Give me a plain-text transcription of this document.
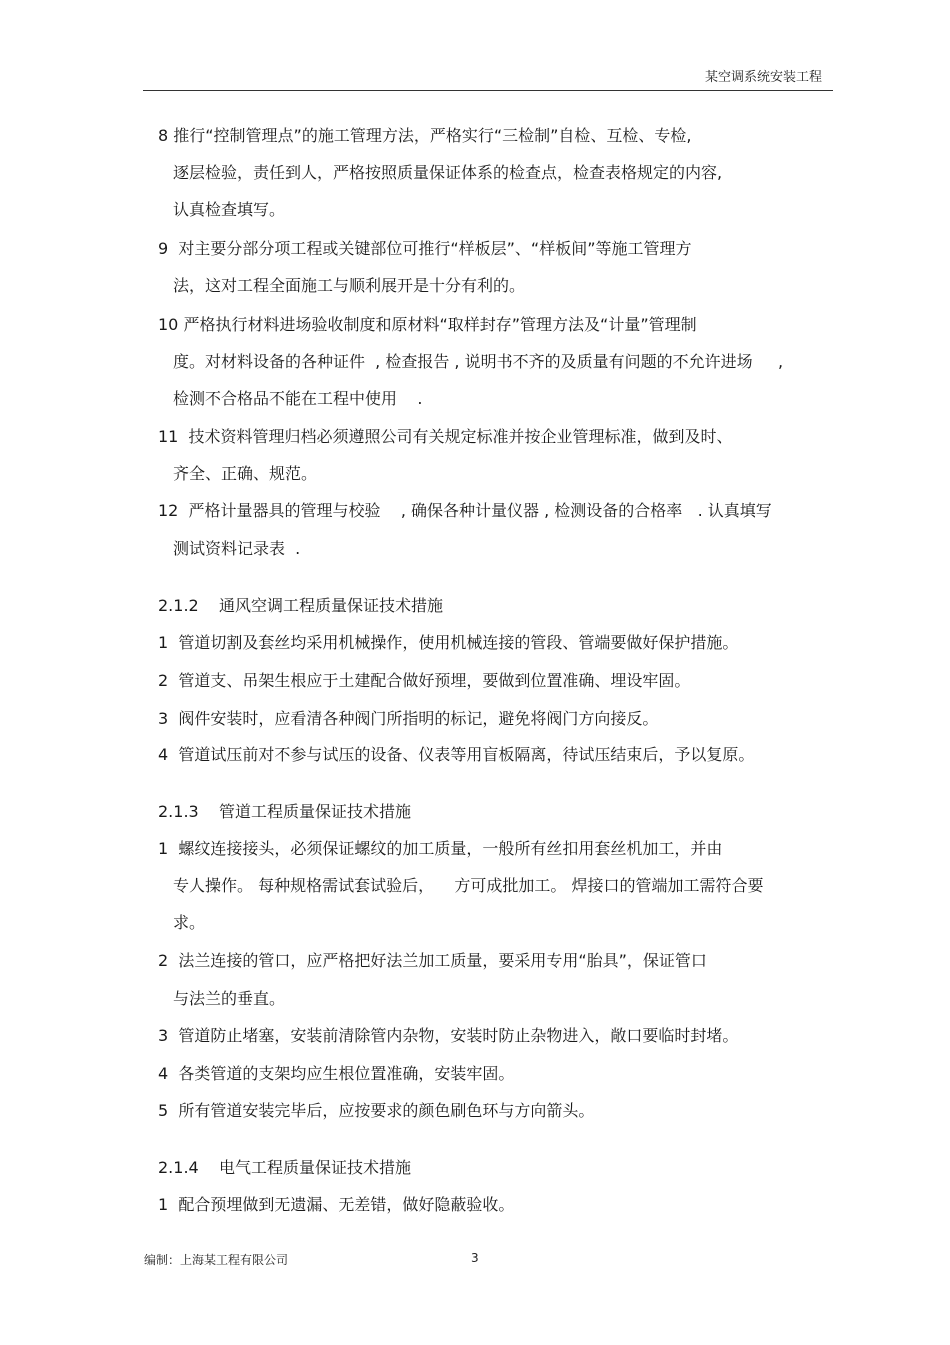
某空调系统安装工程
8 推行“控制管理点”的施工管理方法，严格实行“三检制”自检、互检、专检,
逐层检验，责任到人，严格按照质量保证体系的检查点，检查表格规定的内容,
认真检查填写。
9  对主要分部分项工程或关键部位可推行“样板层”、“样板间”等施工管理方
法，这对工程全面施工与顺利展开是十分有利的。
10 严格执行材料进场验收制度和原材料“取样封存”管理方法及“计量”管理制
度。对材料设备的各种证件  , 检查报告 , 说明书不齐的及质量有问题的不允许进场     ,
检测不合格品不能在工程中使用    .
11  技术资料管理归档必须遵照公司有关规定标准并按企业管理标准，做到及时、
齐全、正确、规范。
12  严格计量器具的管理与校验    , 确保各种计量仪器 , 检测设备的合格率   . 认真填写
测试资料记录表  .
2.1.2    通风空调工程质量保证技术措施
1  管道切割及套丝均采用机械操作，使用机械连接的管段、管端要做好保护措施。
2  管道支、吊架生根应于土建配合做好预埋，要做到位置准确、埋设牢固。
3  阀件安装时，应看清各种阀门所指明的标记，避免将阀门方向接反。
4  管道试压前对不参与试压的设备、仪表等用盲板隔离，待试压结束后，予以复原。
2.1.3    管道工程质量保证技术措施
1  螺纹连接接头，必须保证螺纹的加工质量，一般所有丝扣用套丝机加工，并由
专人操作。 每种规格需试套试验后，    方可成批加工。 焊接口的管端加工需符合要
求。
2  法兰连接的管口，应严格把好法兰加工质量，要采用专用“胎具”，保证管口
与法兰的垂直。
3  管道防止堵塞，安装前清除管内杂物，安装时防止杂物进入，敞口要临时封堵。
4  各类管道的支架均应生根位置准确，安装牢固。
5  所有管道安装完毕后，应按要求的颜色刷色环与方向箭头。
2.1.4    电气工程质量保证技术措施
1  配合预埋做到无遗漏、无差错，做好隐蔽验收。
编制：上海某工程有限公司	3
